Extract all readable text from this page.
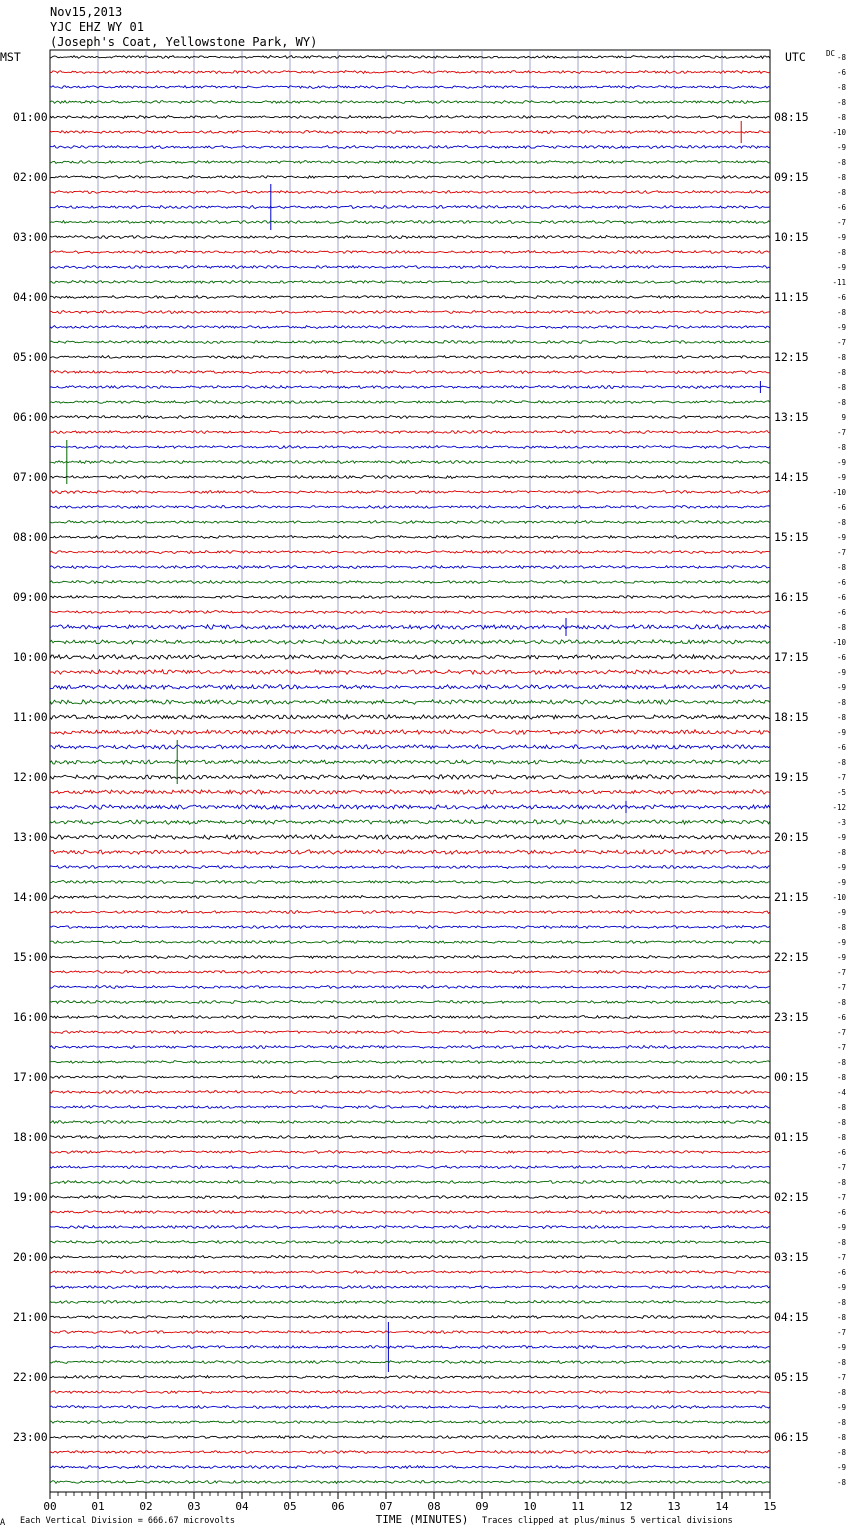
Nov15,2013
YJC EHZ WY 01
(Joseph's Coat, Yellowstone Park, WY)
MST	UTC	DC
01:00
02:00
03:00
04:00
05:00
06:00
07:00
08:00
09:00
10:00
11:00
12:00
13:00
14:00
15:00
16:00
17:00
18:00
19:00
20:00
21:00
22:00
23:00
08:15
09:15
10:15
11:15
12:15
13:15
14:15
15:15
16:15
17:15
18:15
19:15
20:15
21:15
22:15
23:15
00:15
01:15
02:15
03:15
04:15
05:15
06:15
-8
-6
-8
-8
-8
-10
-9
-8
-8
-8
-6
-7
-9
-8
-9
-11
-6
-8
-9
-7
-8
-8
-8
-8
9
-7
-8
-9
-9
-10
-6
-8
-9
-7
-8
-6
-6
-6
-8
-10
-6
-9
-9
-8
-8
-9
-6
-8
-7
-5
-12
-3
-9
-8
-9
-9
-10
-9
-8
-9
-9
-7
-7
-8
-6
-7
-7
-8
-8
-4
-8
-8
-8
-6
-7
-8
-7
-6
-9
-8
-7
-6
-9
-8
-8
-7
-9
-8
-7
-8
-9
-8
-8
-8
-9
-8
00	01	02	03	04	05	06	07	08	09	10	11	12	13	14	15
TIME (MINUTES)
A Each Vertical Division = 666.67 microvolts	Traces clipped at plus/minus 5 vertical divisions
